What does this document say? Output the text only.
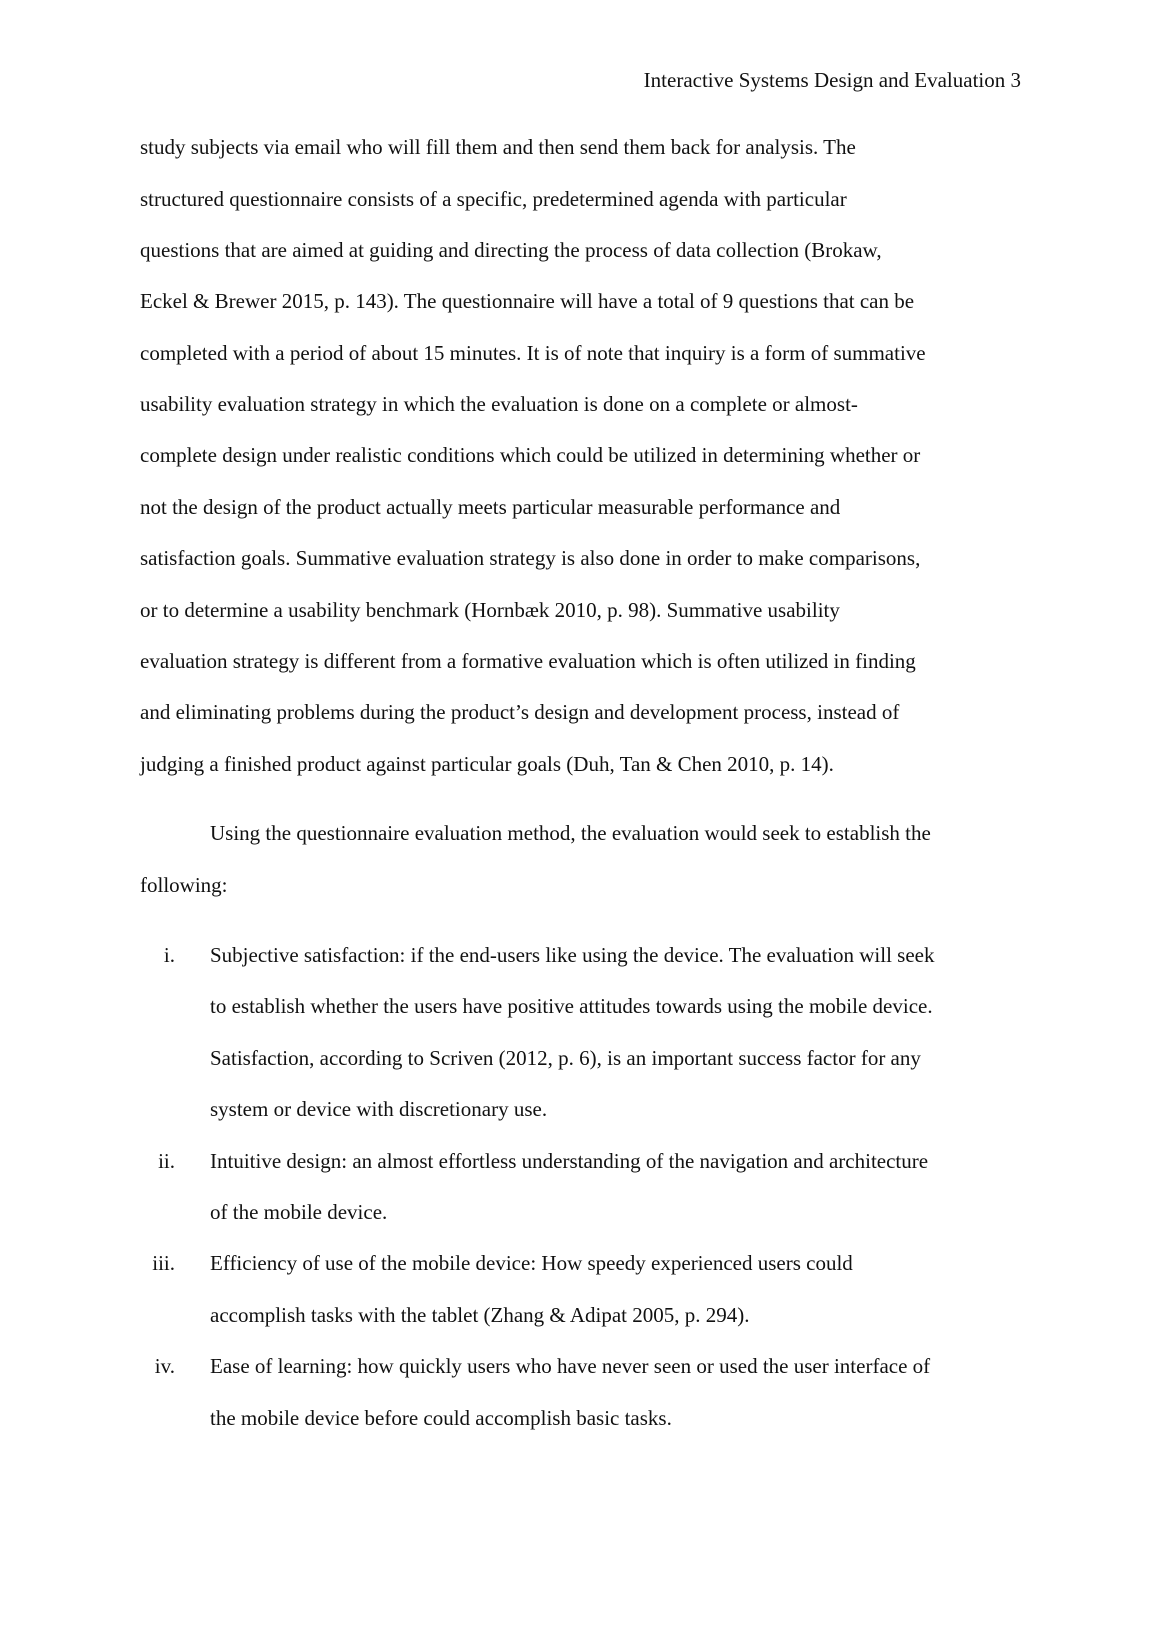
Interactive Systems Design and Evaluation 3
study subjects via email who will fill them and then send them back for analysis. The
structured questionnaire consists of a specific, predetermined agenda with particular
questions that are aimed at guiding and directing the process of data collection (Brokaw,
Eckel & Brewer 2015, p. 143). The questionnaire will have a total of 9 questions that can be
completed with a period of about 15 minutes. It is of note that inquiry is a form of summative
usability evaluation strategy in which the evaluation is done on a complete or almost-
complete design under realistic conditions which could be utilized in determining whether or
not the design of the product actually meets particular measurable performance and
satisfaction goals. Summative evaluation strategy is also done in order to make comparisons,
or to determine a usability benchmark (Hornbæk 2010, p. 98). Summative usability
evaluation strategy is different from a formative evaluation which is often utilized in finding
and eliminating problems during the product’s design and development process, instead of
judging a finished product against particular goals (Duh, Tan & Chen 2010, p. 14).
Using the questionnaire evaluation method, the evaluation would seek to establish the
following:
i. Subjective satisfaction: if the end-users like using the device. The evaluation will seek
to establish whether the users have positive attitudes towards using the mobile device.
Satisfaction, according to Scriven (2012, p. 6), is an important success factor for any
system or device with discretionary use.
ii. Intuitive design: an almost effortless understanding of the navigation and architecture
of the mobile device.
iii. Efficiency of use of the mobile device: How speedy experienced users could
accomplish tasks with the tablet (Zhang & Adipat 2005, p. 294).
iv. Ease of learning: how quickly users who have never seen or used the user interface of
the mobile device before could accomplish basic tasks.
